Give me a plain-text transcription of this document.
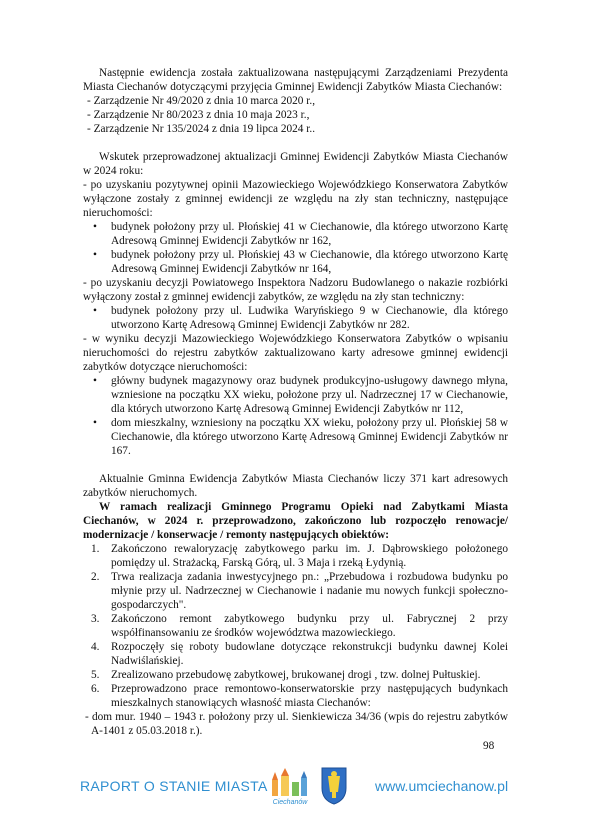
Następnie ewidencja została zaktualizowana następującymi Zarządzeniami Prezydenta Miasta Ciechanów dotyczącymi przyjęcia Gminnej Ewidencji Zabytków Miasta Ciechanów:

- Zarządzenie Nr 49/2020 z dnia 10 marca 2020 r.,
- Zarządzenie Nr 80/2023 z dnia 10 maja 2023 r.,
- Zarządzenie Nr 135/2024 z dnia 19 lipca 2024 r..

Wskutek przeprowadzonej aktualizacji Gminnej Ewidencji Zabytków Miasta Ciechanów w 2024 roku:

- po uzyskaniu pozytywnej opinii Mazowieckiego Wojewódzkiego Konserwatora Zabytków wyłączone zostały z gminnej ewidencji ze względu na zły stan techniczny, następujące nieruchomości:

• budynek położony przy ul. Płońskiej 41 w Ciechanowie, dla którego utworzono Kartę Adresową Gminnej Ewidencji Zabytków nr 162,
• budynek położony przy ul. Płońskiej 43 w Ciechanowie, dla którego utworzono Kartę Adresową Gminnej Ewidencji Zabytków nr 164,

- po uzyskaniu decyzji Powiatowego Inspektora Nadzoru Budowlanego o nakazie rozbiórki wyłączony został z gminnej ewidencji zabytków, ze względu na zły stan techniczny:

• budynek położony przy ul. Ludwika Waryńskiego 9 w Ciechanowie, dla którego utworzono Kartę Adresową Gminnej Ewidencji Zabytków nr 282.

- w wyniku decyzji Mazowieckiego Wojewódzkiego Konserwatora Zabytków o wpisaniu nieruchomości do rejestru zabytków zaktualizowano karty adresowe gminnej ewidencji zabytków dotyczące nieruchomości:

• główny budynek magazynowy oraz budynek produkcyjno-usługowy dawnego młyna, wzniesione na początku XX wieku, położone przy ul. Nadrzecznej 17 w Ciechanowie, dla których utworzono Kartę Adresową Gminnej Ewidencji Zabytków nr 112,
• dom mieszkalny, wzniesiony na początku XX wieku, położony przy ul. Płońskiej 58 w Ciechanowie, dla którego utworzono Kartę Adresową Gminnej Ewidencji Zabytków nr 167.

Aktualnie Gminna Ewidencja Zabytków Miasta Ciechanów liczy 371 kart adresowych zabytków nieruchomych.

W ramach realizacji Gminnego Programu Opieki nad Zabytkami Miasta Ciechanów, w 2024 r. przeprowadzono, zakończono lub rozpoczęło renowacje/ modernizacje / konserwacje / remonty następujących obiektów:

1. Zakończono rewaloryzację zabytkowego parku im. J. Dąbrowskiego położonego pomiędzy ul. Strażacką, Farską Górą, ul. 3 Maja i rzeką Łydynią.
2. Trwa realizacja zadania inwestycyjnego pn.: „Przebudowa i rozbudowa budynku po młynie przy ul. Nadrzecznej w Ciechanowie i nadanie mu nowych funkcji społeczno-gospodarczych".
3. Zakończono remont zabytkowego budynku przy ul. Fabrycznej 2 przy współfinansowaniu ze środków województwa mazowieckiego.
4. Rozpoczęły się roboty budowlane dotyczące rekonstrukcji budynku dawnej Kolei Nadwiślańskiej.
5. Zrealizowano przebudowę zabytkowej, brukowanej drogi , tzw. dolnej Pułtuskiej.
6. Przeprowadzono prace remontowo-konserwatorskie przy następujących budynkach mieszkalnych stanowiących własność miasta Ciechanów:

- dom mur. 1940 – 1943 r. położony przy ul. Sienkiewicza 34/36 (wpis do rejestru zabytków A-1401 z 05.03.2018 r.).

98
RAPORT O STANIE MIASTA
Ciechanów
www.umciechanow.pl
